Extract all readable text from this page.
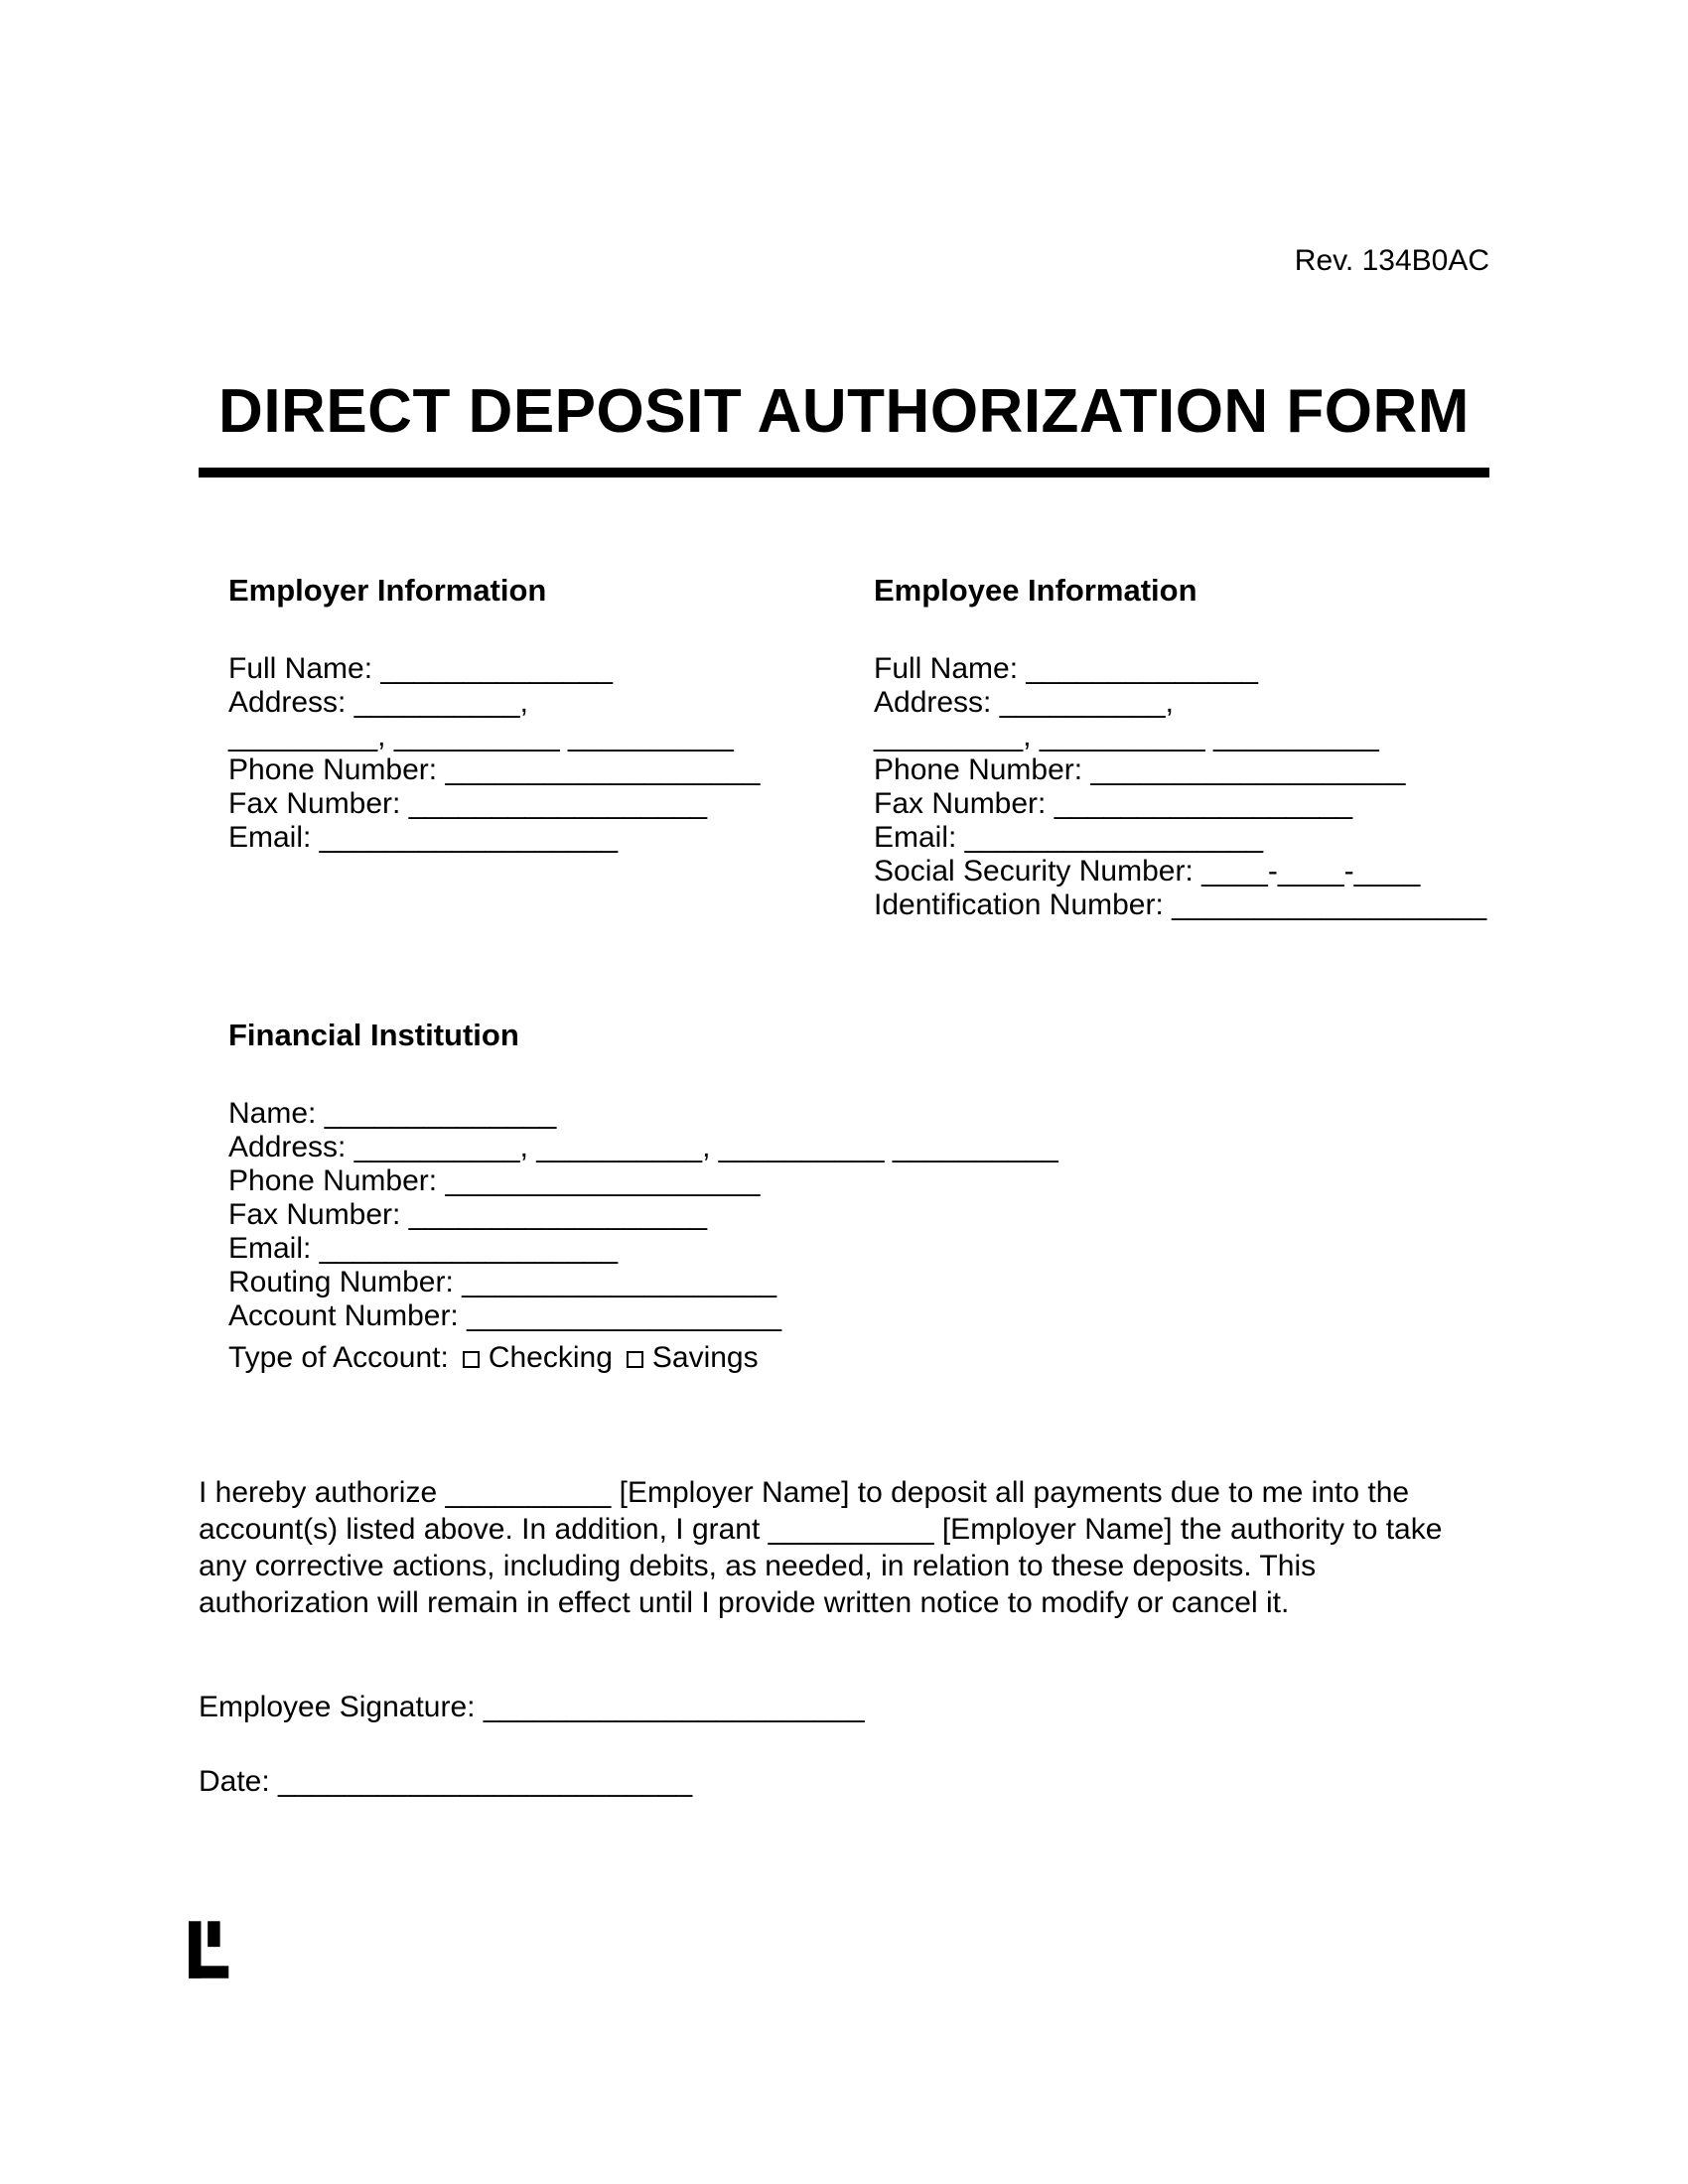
Rev. 134B0AC
DIRECT DEPOSIT AUTHORIZATION FORM
Employer Information
Full Name: ______________
Address: __________,
_________, __________ __________
Phone Number: ___________________
Fax Number: __________________
Email: __________________
Employee Information
Full Name: ______________
Address: __________,
_________, __________ __________
Phone Number: ___________________
Fax Number: __________________
Email: __________________
Social Security Number: ____-____-____
Identification Number: ___________________
Financial Institution
Name: ______________
Address: __________, __________, __________ __________
Phone Number: ___________________
Fax Number: __________________
Email: __________________
Routing Number: ___________________
Account Number: ___________________
Type of Account: Checking Savings

I hereby authorize __________ [Employer Name] to deposit all payments due to me into the account(s) listed above. In addition, I grant __________ [Employer Name] the authority to take any corrective actions, including debits, as needed, in relation to these deposits. This authorization will remain in effect until I provide written notice to modify or cancel it.

Employee Signature: _______________________
Date: _________________________
